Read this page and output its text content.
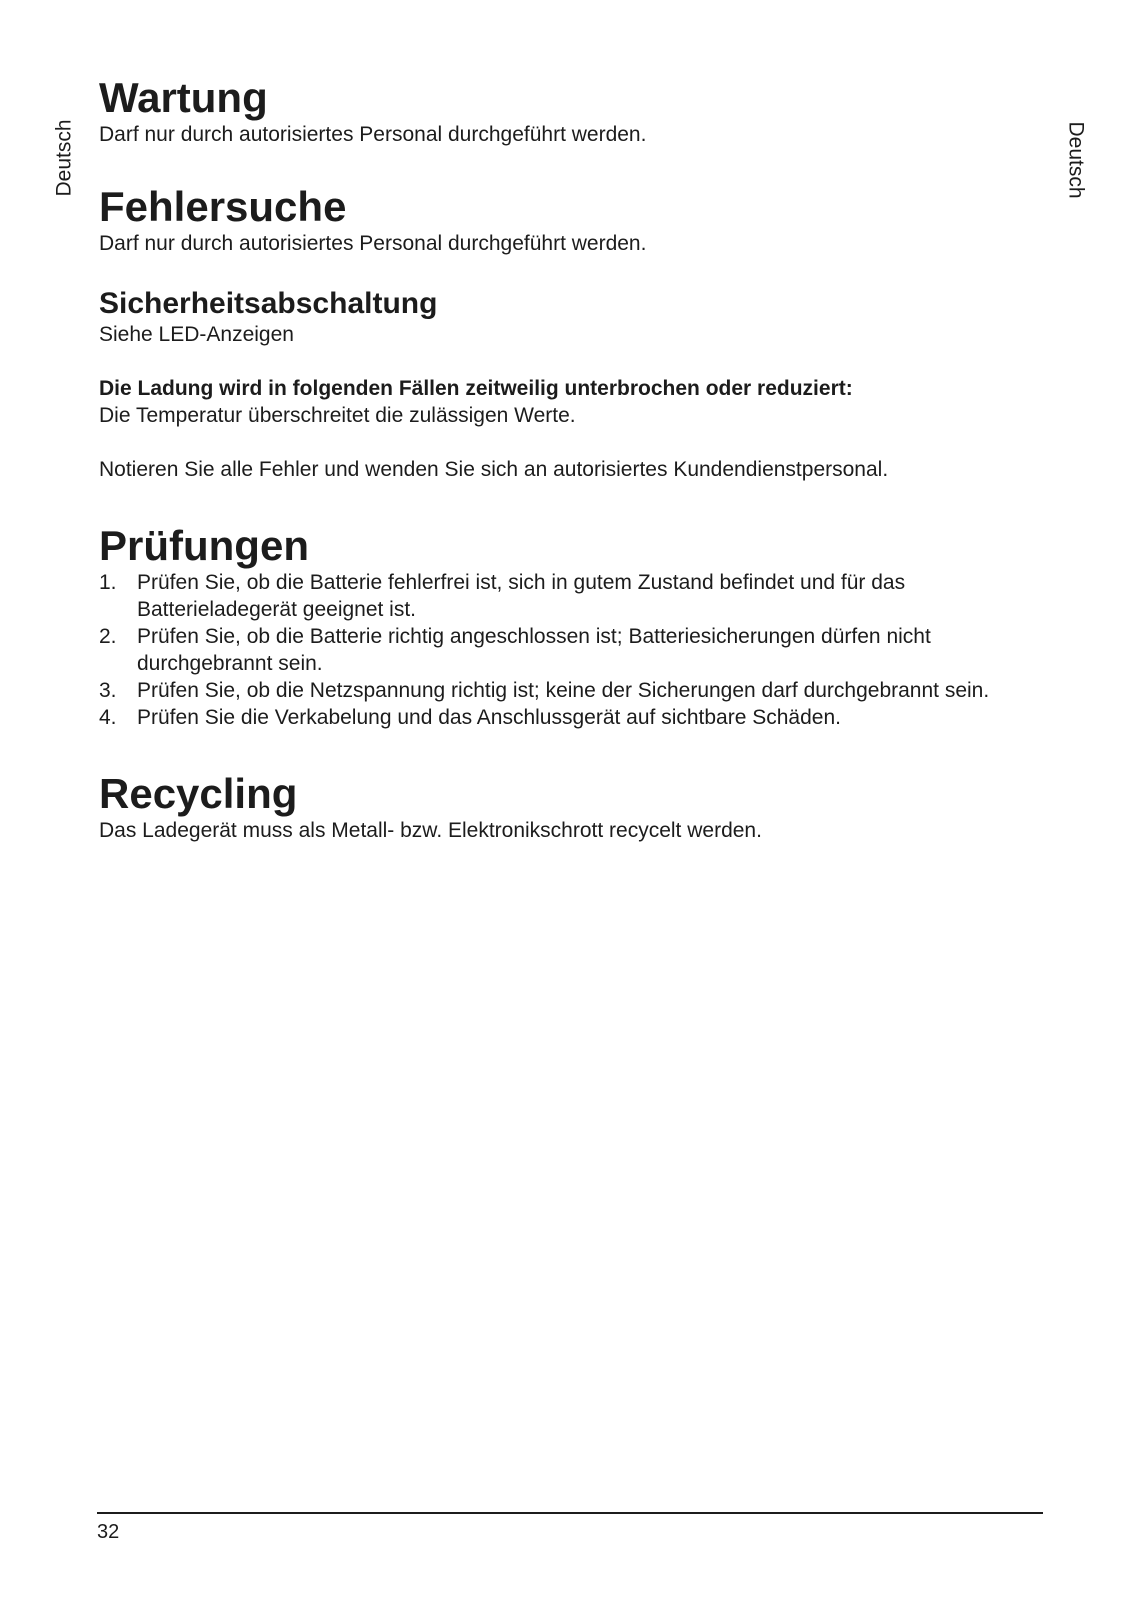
Deutsch	Deutsch
Wartung

Darf nur durch autorisiertes Personal durchgeführt werden.

Fehlersuche

Darf nur durch autorisiertes Personal durchgeführt werden.

Sicherheitsabschaltung

Siehe LED-Anzeigen

Die Ladung wird in folgenden Fällen zeitweilig unterbrochen oder reduziert:

Die Temperatur überschreitet die zulässigen Werte.

Notieren Sie alle Fehler und wenden Sie sich an autorisiertes Kundendienstpersonal.

Prüfungen
1. Prüfen Sie, ob die Batterie fehlerfrei ist, sich in gutem Zustand befindet und für das Batterieladegerät geeignet ist.
2. Prüfen Sie, ob die Batterie richtig angeschlossen ist; Batteriesicherungen dürfen nicht durchgebrannt sein.
3. Prüfen Sie, ob die Netzspannung richtig ist; keine der Sicherungen darf durchgebrannt sein.
4. Prüfen Sie die Verkabelung und das Anschlussgerät auf sichtbare Schäden.
Recycling

Das Ladegerät muss als Metall- bzw. Elektronikschrott recycelt werden.

32
